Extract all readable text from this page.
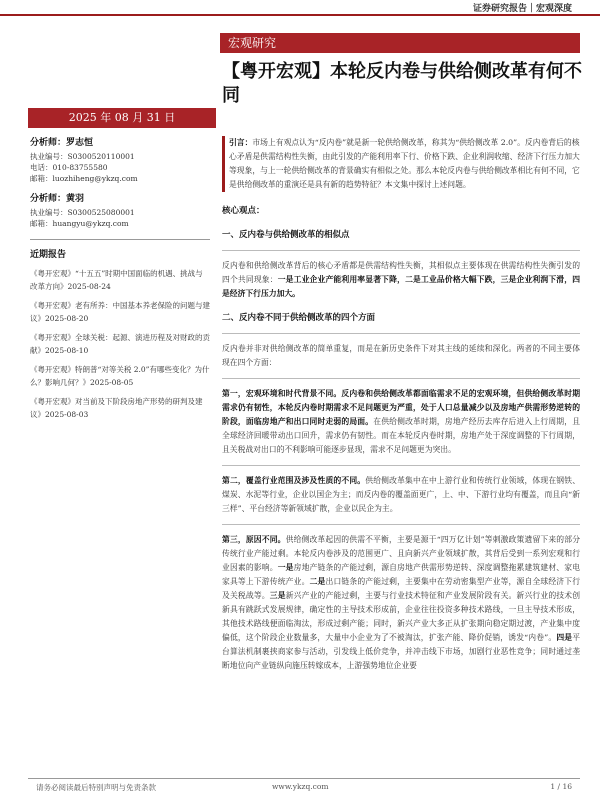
证券研究报告｜宏观深度
宏观研究
【粤开宏观】本轮反内卷与供给侧改革有何不同
2025 年 08 月 31 日
分析师：罗志恒
执业编号：S0300520110001
电话：010-83755580
邮箱：luozhiheng@ykzq.com
分析师：黄羽
执业编号：S0300525080001
邮箱：huangyu@ykzq.com
近期报告
《粤开宏观》“十五五”时期中国面临的机遇、挑战与改革方向》2025-08-24
《粤开宏观》老有所养：中国基本养老保险的问题与建议》2025-08-20
《粤开宏观》全球关税：起源、演进历程及对财政的贡献》2025-08-10
《粤开宏观》特朗普“对等关税 2.0”有哪些变化？为什么？影响几何？》2025-08-05
《粤开宏观》对当前及下阶段房地产形势的研判及建议》2025-08-03
引言：市场上有观点认为“反内卷”就是新一轮供给侧改革，称其为“供给侧改革 2.0”。反内卷背后的核心矛盾是供需结构性失衡，由此引发的产能利用率下行、价格下跌、企业利润收缩、经济下行压力加大等现象，与上一轮供给侧改革的背景确实有相似之处。那么本轮反内卷与供给侧改革相比有何不同，它是供给侧改革的重演还是具有新的趋势特征？本文集中探讨上述问题。
核心观点：
一、反内卷与供给侧改革的相似点

反内卷和供给侧改革背后的核心矛盾都是供需结构性失衡，其相似点主要体现在供需结构性失衡引发的四个共同现象：一是工业企业产能利用率显著下降，二是工业品价格大幅下跌，三是企业利润下滑，四是经济下行压力加大。

二、反内卷不同于供给侧改革的四个方面

反内卷并非对供给侧改革的简单重复，而是在新历史条件下对其主线的延续和深化。两者的不同主要体现在四个方面：

第一，宏观环境和时代背景不同。反内卷和供给侧改革都面临需求不足的宏观环境，但供给侧改革时期需求仍有韧性，本轮反内卷时期需求不足问题更为严重，处于人口总量减少以及房地产供需形势逆转的阶段，面临房地产和出口同时走弱的局面。在供给侧改革时期，房地产经历去库存后进入上行周期，且全球经济回暖带动出口回升，需求仍有韧性。而在本轮反内卷时期，房地产处于深度调整的下行周期，且关税战对出口的不利影响可能逐步显现，需求不足问题更为突出。

第二，覆盖行业范围及涉及性质的不同。供给侧改革集中在中上游行业和传统行业领域，体现在钢铁、煤炭、水泥等行业，企业以国企为主；而反内卷的覆盖面更广，上、中、下游行业均有覆盖，而且向“新三样”、平台经济等新领域扩散，企业以民企为主。

第三，原因不同。供给侧改革起因的供需不平衡，主要是源于“四万亿计划”等刺激政策遗留下来的部分传统行业产能过剩。本轮反内卷涉及的范围更广、且向新兴产业领域扩散，其背后受到一系列宏观和行业因素的影响。一是房地产链条的产能过剩，源自房地产供需形势逆转、深度调整拖累建筑建材、家电家具等上下游传统产业。二是出口链条的产能过剩，主要集中在劳动密集型产业等，源自全球经济下行及关税战等。三是新兴产业的产能过剩，主要与行业技术特征和产业发展阶段有关。新兴行业的技术创新具有跳跃式发展规律，确定性的主导技术形成前，企业往往投资多种技术路线，一旦主导技术形成，其他技术路线便面临淘汰，形成过剩产能；同时，新兴产业大多正从扩张期向稳定期过渡，产业集中度偏低，这个阶段企业数量多，大量中小企业为了不被淘汰，扩张产能、降价促销，诱发“内卷”。四是平台算法机制裹挟商家参与活动，引发线上低价竞争，并冲击线下市场，加剧行业恶性竞争；同时通过垄断地位向产业链纵向施压转嫁成本，上游强势地位企业要

请务必阅读最后特别声明与免责条款	www.ykzq.com	1 / 16
